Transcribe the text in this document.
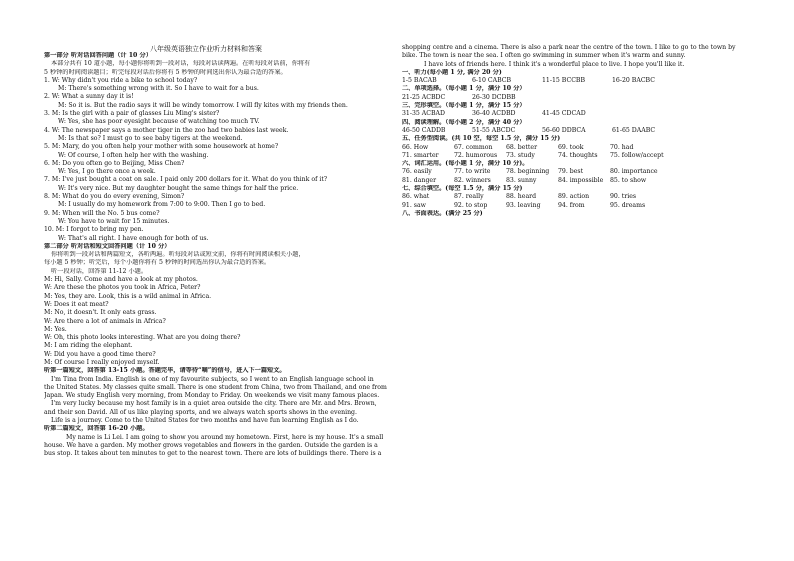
八年级英语独立作业听力材料和答案
第一部分 听对话回答问题（计 10 分）
本部分共有 10 道小题，每小题你将听到一段对话，每段对话读两遍。在听每段对话前，你将有
5 秒钟的时间阅读题目；听完每段对话后你将有 5 秒钟的时间选出你认为最合适的答案。
1. W: Why didn't you ride a bike to school today?
M: There's something wrong with it. So I have to wait for a bus.
2. W: What a sunny day it is!
M: So it is. But the radio says it will be windy tomorrow. I will fly kites with my friends then.
3. M: Is the girl with a pair of glasses Liu Ming's sister?
W: Yes, she has poor eyesight because of watching too much TV.
4. W: The newspaper says a mother tiger in the zoo had two babies last week.
M: Is that so? I must go to see baby tigers at the weekend.
5. M: Mary, do you often help your mother with some housework at home?
W: Of course, I often help her with the washing.
6. M: Do you often go to Beijing, Miss Chen?
W: Yes, I go there once a week.
7. M: I've just bought a coat on sale. I paid only 200 dollars for it. What do you think of it?
W: It's very nice. But my daughter bought the same things for half the price.
8. M: What do you do every evening, Simon?
M: I usually do my homework from 7:00 to 9:00. Then I go to bed.
9. M: When will the No. 5 bus come?
W: You have to wait for 15 minutes.
10. M: I forgot to bring my pen.
W: That's all right. I have enough for both of us.
第二部分 听对话和短文回答问题（计 10 分）
你将听到一段对话和两篇短文，各听两遍。听每段对话或短文前，你将有时间阅读相关小题，
每小题 5 秒钟；听完后，每个小题你将有 5 秒钟的时间选出你认为最合适的答案。
听一段对话，回答第 11-12 小题。
M: Hi, Sally. Come and have a look at my photos.
W: Are these the photos you took in Africa, Peter?
M: Yes, they are. Look, this is a wild animal in Africa.
W: Does it eat meat?
M: No, it doesn't. It only eats grass.
W: Are there a lot of animals in Africa?
M: Yes.
W: Oh, this photo looks interesting. What are you doing there?
M: I am riding the elephant.
W: Did you have a good time there?
M: Of course I really enjoyed myself.
听第一篇短文，回答第 13-15 小题。答题完毕，请等待“嘀”的信号，进入下一篇短文。
I'm Tina from India. English is one of my favourite subjects, so I went to an English language school in
the United States. My classes quite small. There is one student from China, two from Thailand, and one from
Japan. We study English very morning, from Monday to Friday. On weekends we visit many famous places.
I'm very lucky because my host family is in a quiet area outside the city. There are Mr. and Mrs. Brown,
and their son David. All of us like playing sports, and we always watch sports shows in the evening.
Life is a journey. Come to the United States for two months and have fun learning English as I do.
听第二篇短文，回答第 16-20 小题。
My name is Li Lei. I am going to show you around my hometown. First, here is my house. It's a small
house. We have a garden. My mother grows vegetables and flowers in the garden. Outside the garden is a
bus stop. It takes about ten minutes to get to the nearest town. There are lots of buildings there. There is a
shopping centre and a cinema. There is also a park near the centre of the town. I like to go to the town by
bike. The town is near the sea. I often go swimming in summer when it's warm and sunny.
I have lots of friends here. I think it's a wonderful place to live. I hope you'll like it.
一、听力(每小题 1 分, 满分 20 分)
1-5 BACAB	6-10 CABCB	11-15 BCCBB	16-20 BACBC
二、单项选择。（每小题 1 分，满分 10 分）
21-25 ACBDC	26-30 DCDBB
三、完形填空。（每小题 1 分，满分 15 分）
31-35 ACBAD	36-40 ACDBD	41-45 CDCAD
四、阅读理解。（每小题 2 分，满分 40 分）
46-50 CADDB	51-55 ABCDC	56-60 DDBCA	61-65 DAABC
五、任务型阅读。(共 10 空，每空 1.5 分，满分 15 分)
66. How	67. common 68. better	69. took	70. had
71. smarter 72. humorous 73. study	74. thoughts 75. follow/accept
六、词汇运用。(每小题 1 分，满分 10 分)。
76. easily	77. to write	78. beginning 79. best	80. importance
81. danger	82. winners 83. sunny	84. impossible 85. to show
七、综合填空。(每空 1.5 分，满分 15 分)
86. what	87. really	88. heard	89. action	90. tries
91. saw	92. to stop	93. leaving	94. from	95. dreams
八、书面表达。(满分 25 分)
